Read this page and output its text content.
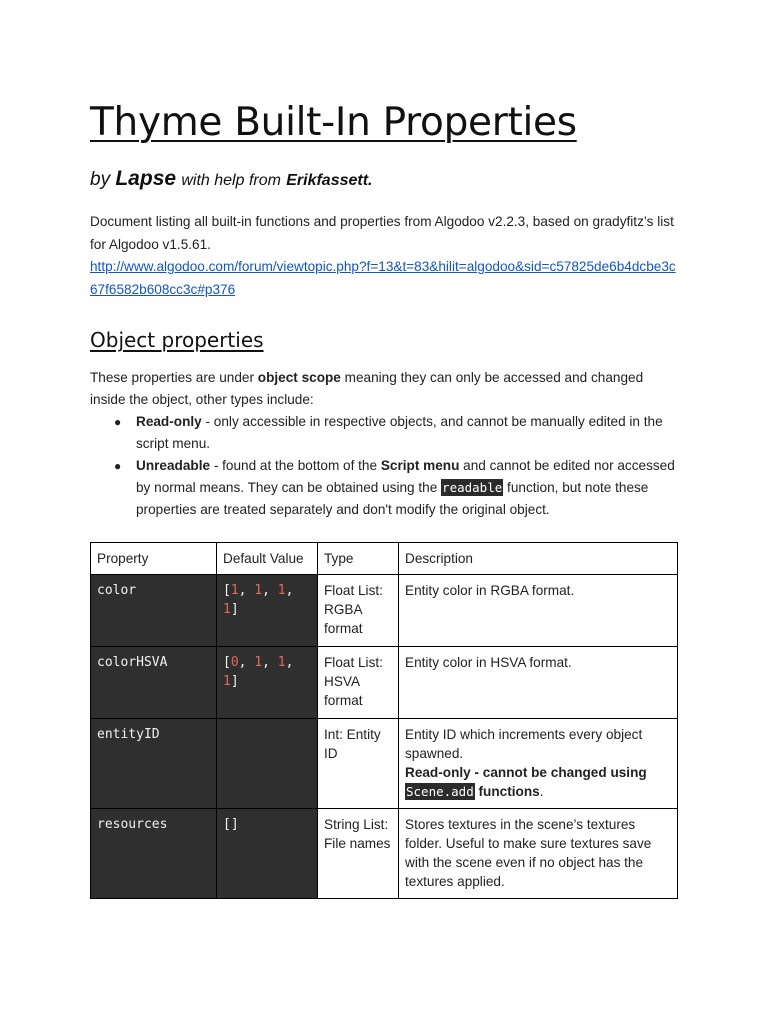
Thyme Built-In Properties
by Lapse with help from Erikfassett.
Document listing all built-in functions and properties from Algodoo v2.2.3, based on gradyfitz’s list for Algodoo v1.5.61.
http://www.algodoo.com/forum/viewtopic.php?f=13&t=83&hilit=algodoo&sid=c57825de6b4dcbe3c67f6582b608cc3c#p376
Object properties
These properties are under object scope meaning they can only be accessed and changed inside the object, other types include:
● Read-only - only accessible in respective objects, and cannot be manually edited in the script menu.
● Unreadable - found at the bottom of the Script menu and cannot be edited nor accessed by normal means. They can be obtained using the readable function, but note these properties are treated separately and don't modify the original object.
Property	Default Value	Type	Description
color	[1, 1, 1, 1]	Float List: RGBA format	Entity color in RGBA format.
colorHSVA	[0, 1, 1, 1]	Float List: HSVA format	Entity color in HSVA format.
entityID		Int: Entity ID	Entity ID which increments every object spawned.
Read-only - cannot be changed using Scene.add functions.

resources	[]	String List: File names	Stores textures in the scene’s textures folder. Useful to make sure textures save with the scene even if no object has the textures applied.
